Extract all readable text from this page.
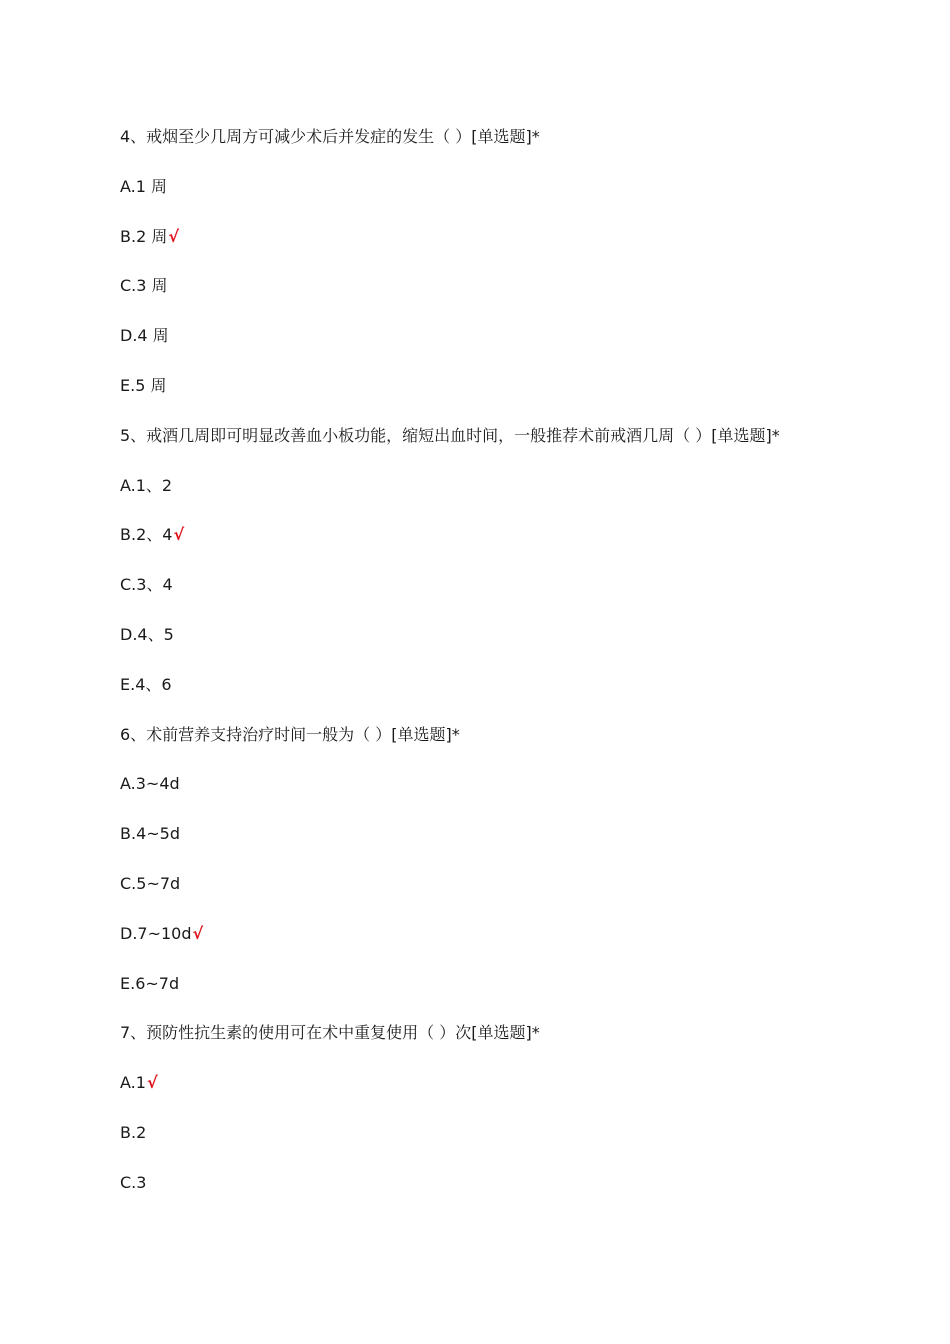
4、戒烟至少几周方可减少术后并发症的发生（ ）[单选题]*
A.1 周
B.2 周√
C.3 周
D.4 周
E.5 周
5、戒酒几周即可明显改善血小板功能，缩短出血时间，一般推荐术前戒酒几周（ ）[单选题]*
A.1、2
B.2、4√
C.3、4
D.4、5
E.4、6
6、术前营养支持治疗时间一般为（ ）[单选题]*
A.3~4d
B.4~5d
C.5~7d
D.7~10d√
E.6~7d
7、预防性抗生素的使用可在术中重复使用（ ）次[单选题]*
A.1√
B.2
C.3
